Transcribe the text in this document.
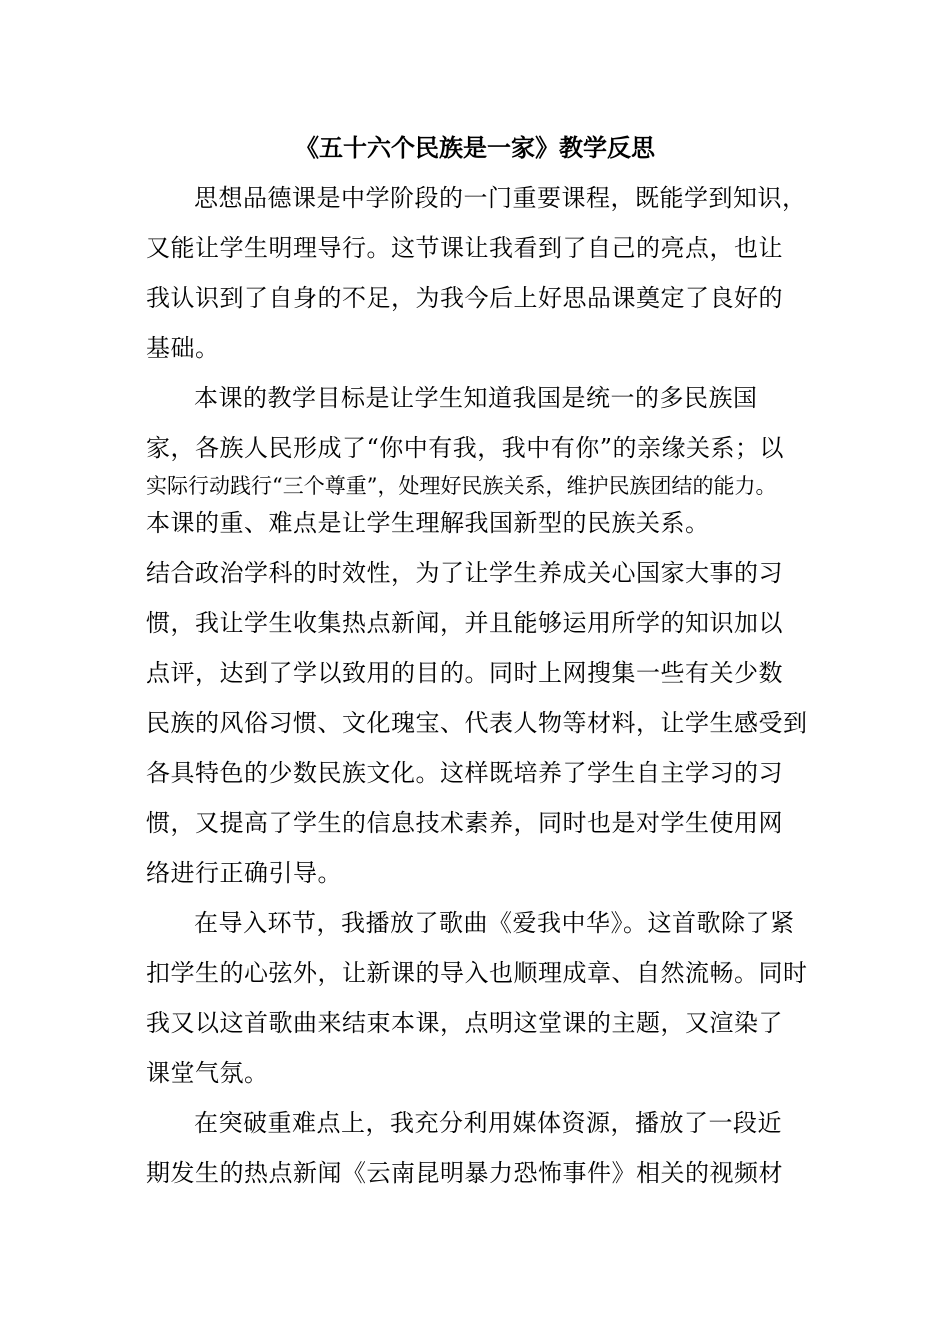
《五十六个民族是一家》教学反思
思想品德课是中学阶段的一门重要课程，既能学到知识，
又能让学生明理导行。这节课让我看到了自己的亮点，也让
我认识到了自身的不足，为我今后上好思品课奠定了良好的
基础。
本课的教学目标是让学生知道我国是统一的多民族国
家，各族人民形成了“你中有我，我中有你”的亲缘关系；以
实际行动践行“三个尊重”，处理好民族关系，维护民族团结的能力。
本课的重、难点是让学生理解我国新型的民族关系。
结合政治学科的时效性，为了让学生养成关心国家大事的习
惯，我让学生收集热点新闻，并且能够运用所学的知识加以
点评，达到了学以致用的目的。同时上网搜集一些有关少数
民族的风俗习惯、文化瑰宝、代表人物等材料，让学生感受到
各具特色的少数民族文化。这样既培养了学生自主学习的习
惯，又提高了学生的信息技术素养，同时也是对学生使用网
络进行正确引导。
在导入环节，我播放了歌曲《爱我中华》。这首歌除了紧
扣学生的心弦外，让新课的导入也顺理成章、自然流畅。同时
我又以这首歌曲来结束本课，点明这堂课的主题，又渲染了
课堂气氛。
在突破重难点上，我充分利用媒体资源，播放了一段近
期发生的热点新闻《云南昆明暴力恐怖事件》相关的视频材
